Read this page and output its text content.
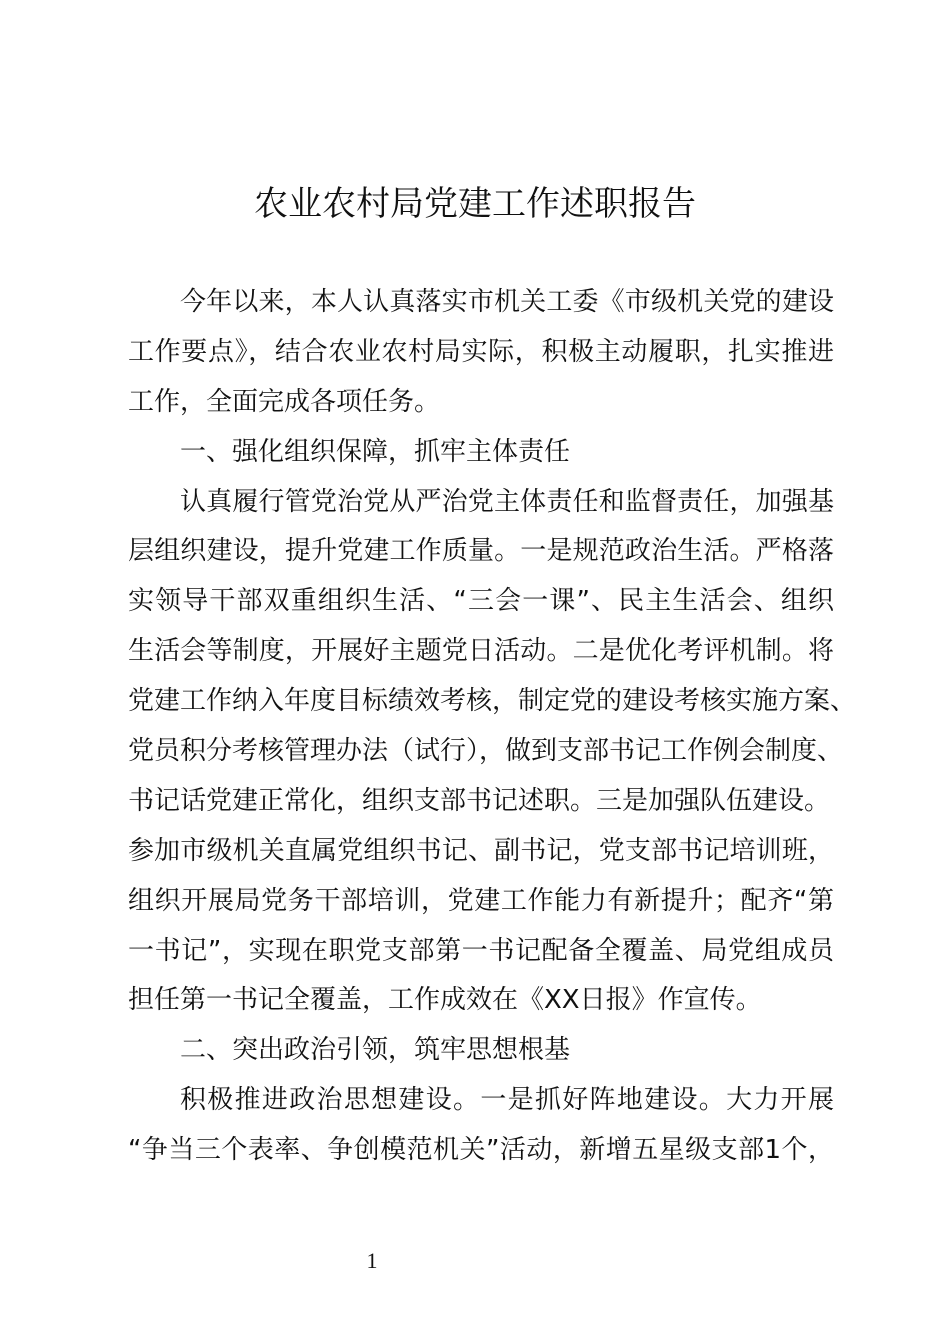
农业农村局党建工作述职报告
今年以来，本人认真落实市机关工委《市级机关党的建设
工作要点》，结合农业农村局实际，积极主动履职，扎实推进
工作，全面完成各项任务。
一、强化组织保障，抓牢主体责任
认真履行管党治党从严治党主体责任和监督责任，加强基
层组织建设，提升党建工作质量。一是规范政治生活。严格落
实领导干部双重组织生活、“三会一课”、民主生活会、组织
生活会等制度，开展好主题党日活动。二是优化考评机制。将
党建工作纳入年度目标绩效考核，制定党的建设考核实施方案、
党员积分考核管理办法（试行），做到支部书记工作例会制度、
书记话党建正常化，组织支部书记述职。三是加强队伍建设。
参加市级机关直属党组织书记、副书记，党支部书记培训班，
组织开展局党务干部培训，党建工作能力有新提升；配齐“第
一书记”，实现在职党支部第一书记配备全覆盖、局党组成员
担任第一书记全覆盖，工作成效在《XX日报》作宣传。
二、突出政治引领，筑牢思想根基
积极推进政治思想建设。一是抓好阵地建设。大力开展
“争当三个表率、争创模范机关”活动，新增五星级支部1个，
1
